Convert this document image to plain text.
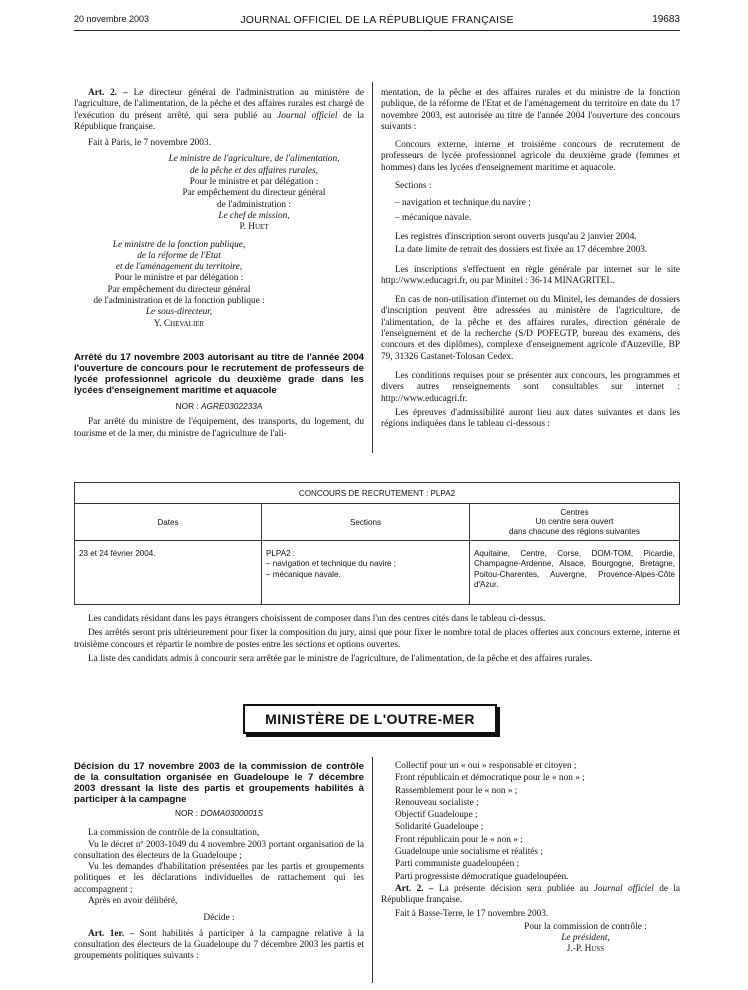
20 novembre 2003	JOURNAL OFFICIEL DE LA RÉPUBLIQUE FRANÇAISE	19683

Art. 2. – Le directeur général de l'administration au ministère de l'agriculture, de l'alimentation, de la pêche et des affaires rurales est chargé de l'exécution du présent arrêté, qui sera publié au Journal officiel de la République française.

Fait à Paris, le 7 novembre 2003.

Le ministre de l'agriculture, de l'alimentation,
de la pêche et des affaires rurales,
Pour le ministre et par délégation :
Par empêchement du directeur général
de l'administration :
Le chef de mission,
P. Huet
Le ministre de la fonction publique,
de la réforme de l'Etat
et de l'aménagement du territoire,
Pour le ministre et par délégation :
Par empêchement du directeur général
de l'administration et de la fonction publique :
Le sous-directeur,
Y. Chevalier

Arrêté du 17 novembre 2003 autorisant au titre de l'année 2004 l'ouverture de concours pour le recrutement de professeurs de lycée professionnel agricole du deuxième grade dans les lycées d'enseignement maritime et aquacole

NOR : AGRE0302233A

Par arrêté du ministre de l'équipement, des transports, du logement, du tourisme et de la mer, du ministre de l'agriculture de l'ali-

mentation, de la pêche et des affaires rurales et du ministre de la fonction publique, de la réforme de l'Etat et de l'aménagement du territoire en date du 17 novembre 2003, est autorisée au titre de l'année 2004 l'ouverture des concours suivants :

Concours externe, interne et troisième concours de recrutement de professeurs de lycée professionnel agricole du deuxième grade (femmes et hommes) dans les lycées d'enseignement maritime et aquacole.

Sections :

– navigation et technique du navire ;

– mécanique navale.

Les registres d'inscription seront ouverts jusqu'au 2 janvier 2004.

La date limite de retrait des dossiers est fixée au 17 décembre 2003.

Les inscriptions s'effectuent en règle générale par internet sur le site http://www.educagri.fr, ou par Minitel : 36-14 MINAGRITEL.

En cas de non-utilisation d'internet ou du Minitel, les demandes de dossiers d'inscription peuvent être adressées au ministère de l'agriculture, de l'alimentation, de la pêche et des affaires rurales, direction générale de l'enseignement et de la recherche (S/D POFEGTP, bureau des examens, des concours et des diplômes), complexe d'enseignement agricole d'Auzeville, BP 79, 31326 Castanet-Tolosan Cedex.

Les conditions requises pour se présenter aux concours, les programmes et divers autres renseignements sont consultables sur internet : http://www.educagri.fr.

Les épreuves d'admissibilité auront lieu aux dates suivantes et dans les régions indiquées dans le tableau ci-dessous :

CONCOURS DE RECRUTEMENT : PLPA2		
Dates	Sections	Centres
Un centre sera ouvert
dans chacune des régions suivantes

23 et 24 février 2004.	PLPA2 :
– navigation et technique du navire ;
– mécanique navale.	Aquitaine, Centre, Corse, DOM-TOM, Picardie, Champagne-Ardenne, Alsace, Bourgogne, Bretagne, Poitou-Charentes, Auvergne, Provence-Alpes-Côte d'Azur.

Les candidats résidant dans les pays étrangers choisissent de composer dans l'un des centres cités dans le tableau ci-dessus.

Des arrêtés seront pris ultérieurement pour fixer la composition du jury, ainsi que pour fixer le nombre total de places offertes aux concours externe, interne et troisième concours et répartir le nombre de postes entre les sections et options ouvertes.

La liste des candidats admis à concourir sera arrêtée par le ministre de l'agriculture, de l'alimentation, de la pêche et des affaires rurales.

MINISTÈRE DE L'OUTRE-MER

Décision du 17 novembre 2003 de la commission de contrôle de la consultation organisée en Guadeloupe le 7 décembre 2003 dressant la liste des partis et groupements habilités à participer à la campagne

NOR : DOMA0300001S

La commission de contrôle de la consultation,

Vu le décret nº 2003-1049 du 4 novembre 2003 portant organisation de la consultation des électeurs de la Guadeloupe ;

Vu les demandes d'habilitation présentées par les partis et groupements politiques et les déclarations individuelles de rattachement qui les accompagnent ;

Après en avoir délibéré,

Décide :

Art. 1er. – Sont habilités à participer à la campagne relative à la consultation des électeurs de la Guadeloupe du 7 décembre 2003 les partis et groupements politiques suivants :

Collectif pour un « oui » responsable et citoyen ;

Front républicain et démocratique pour le « non » ;

Rassemblement pour le « non » ;

Renouveau socialiste ;

Objectif Guadeloupe ;

Solidarité Guadeloupe ;

Front républicain pour le « non » ;

Guadeloupe unie socialisme et réalités ;

Parti communiste guadeloupéen ;

Parti progressiste démocratique guadeloupéen.

Art. 2. – La présente décision sera publiée au Journal officiel de la République française.

Fait à Basse-Terre, le 17 novembre 2003.

Pour la commission de contrôle :
Le président,
J.-P. Huss
